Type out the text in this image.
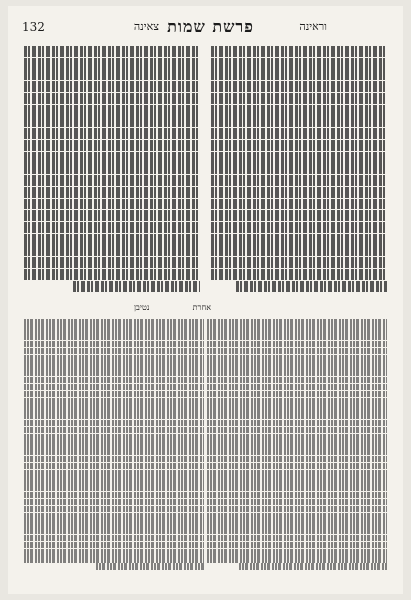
צאינה פרשת שמות	וראינה
132
אחרת
נטיבן
